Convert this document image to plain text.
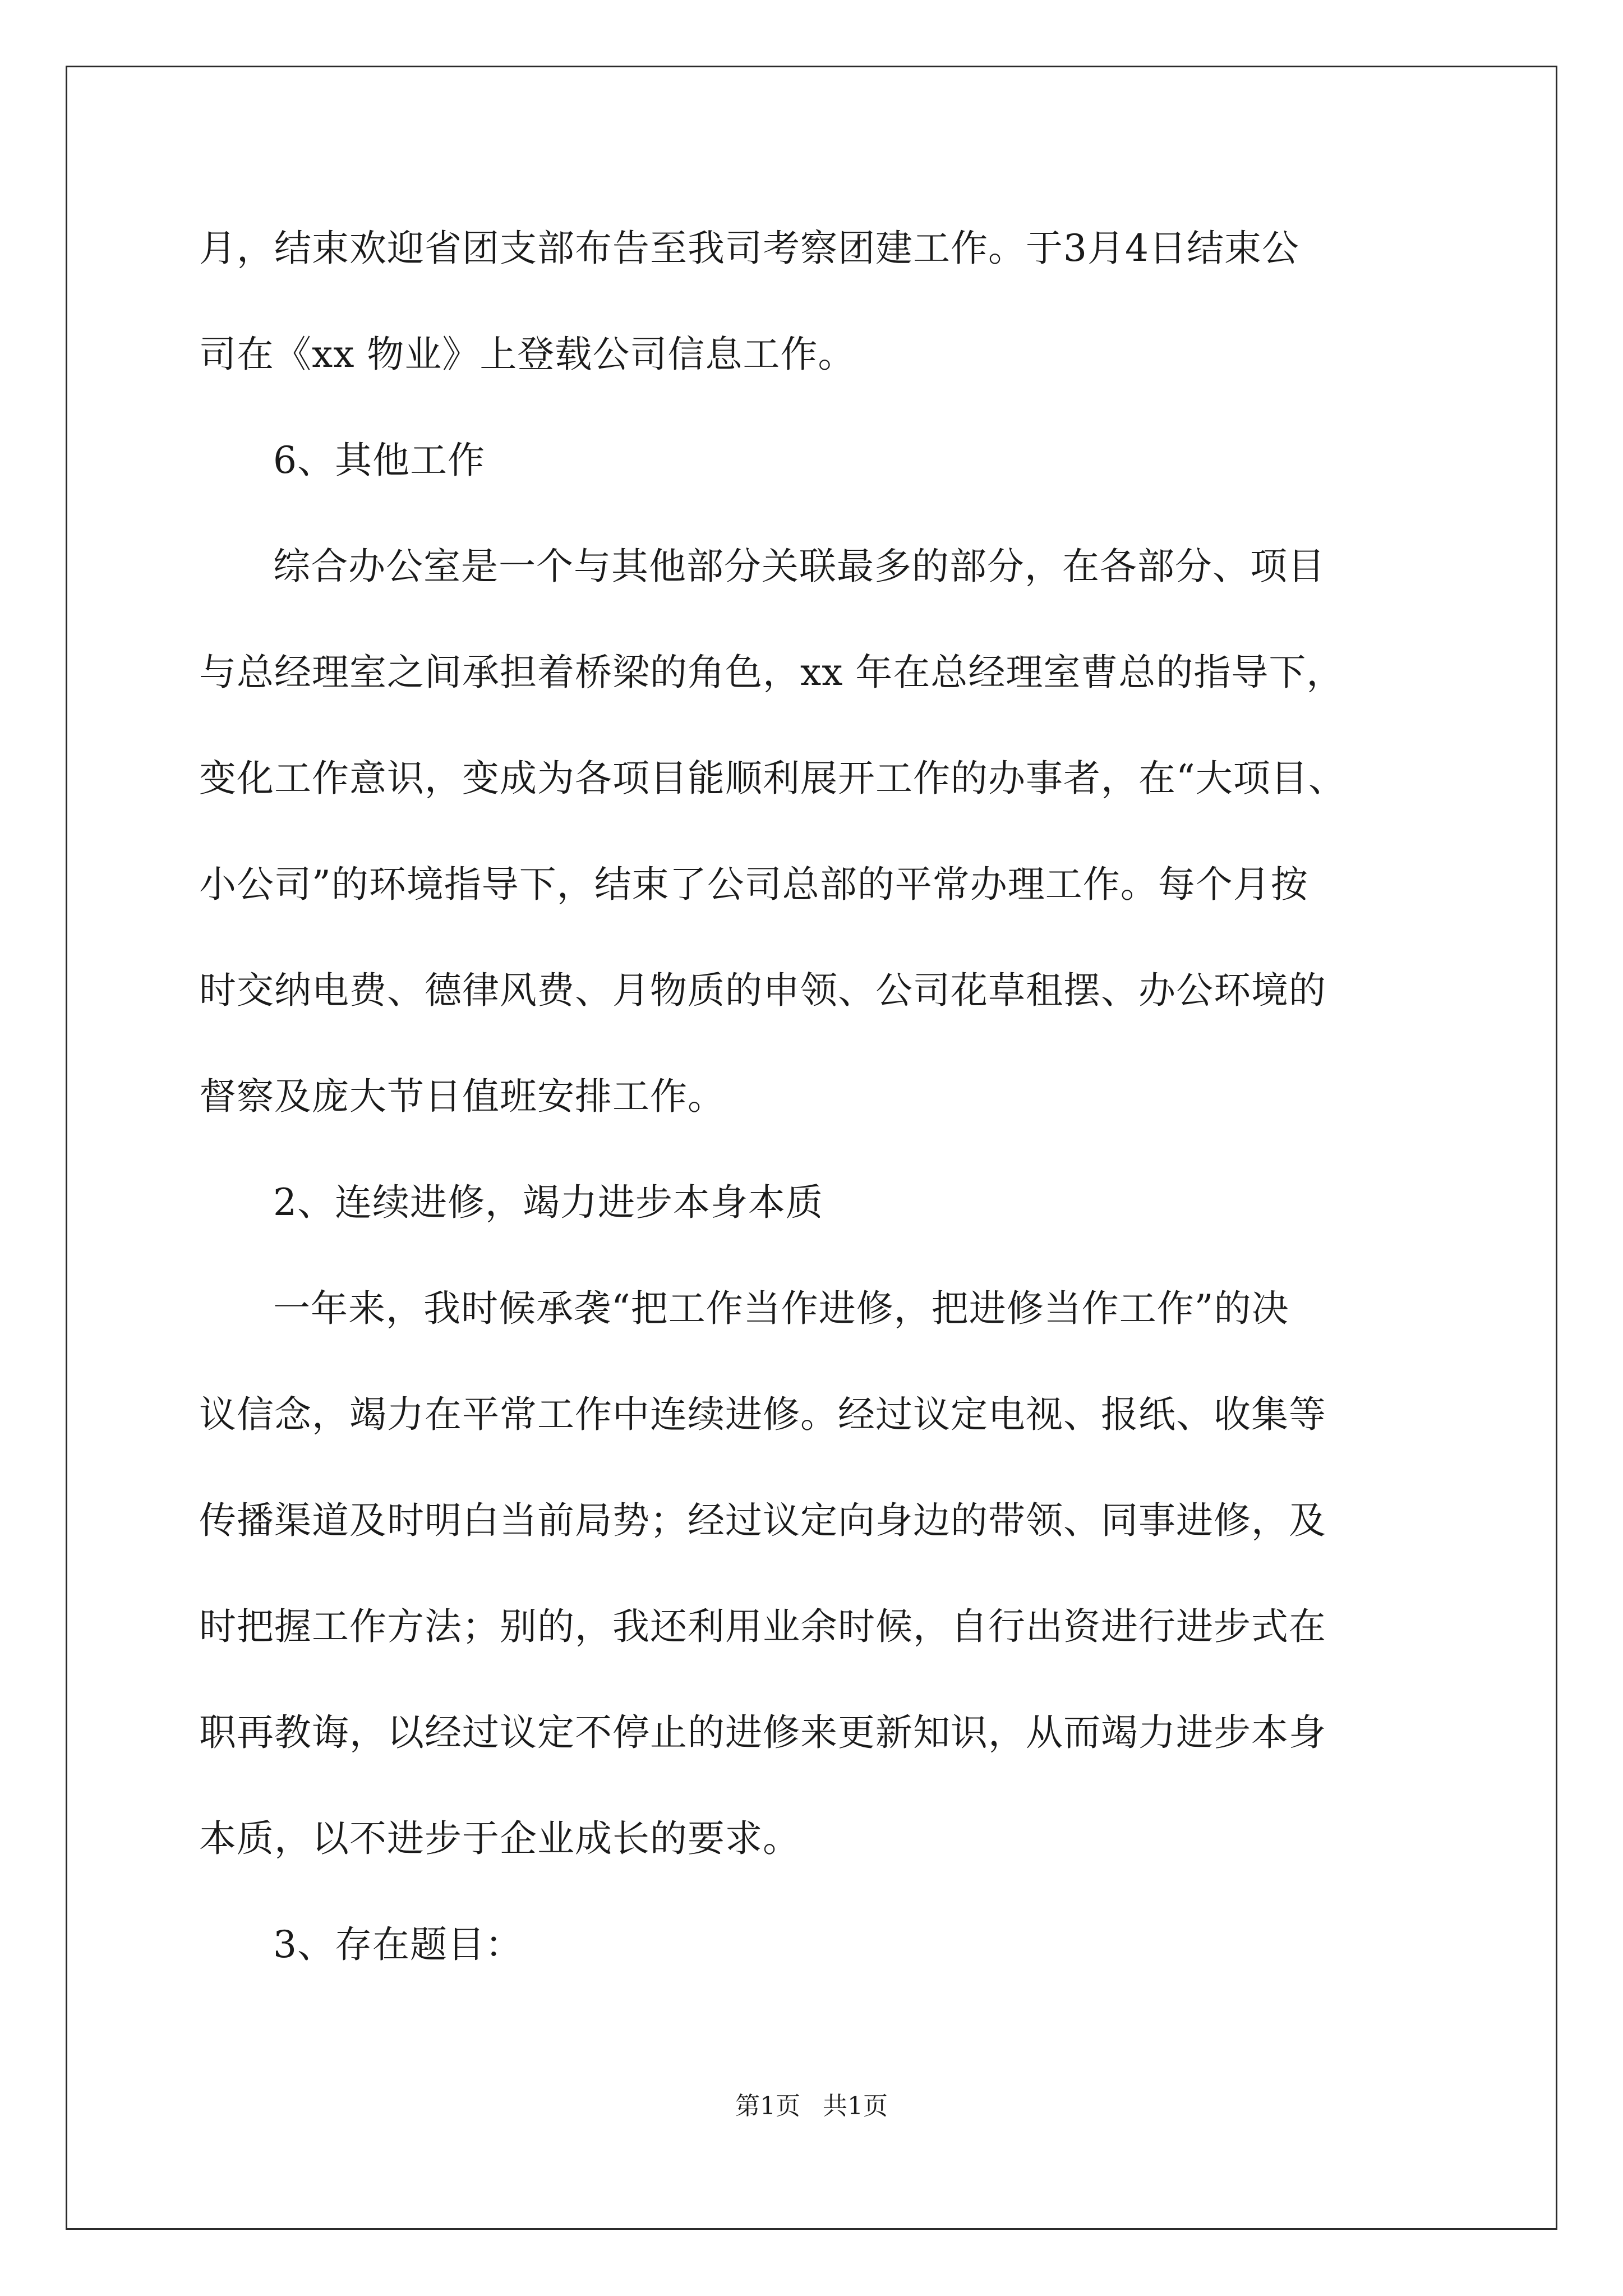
月，结束欢迎省团支部布告至我司考察团建工作。于3月4日结束公
司在《xx 物业》上登载公司信息工作。
6、其他工作
综合办公室是一个与其他部分关联最多的部分，在各部分、项目
与总经理室之间承担着桥梁的角色，xx 年在总经理室曹总的指导下，
变化工作意识，变成为各项目能顺利展开工作的办事者，在“大项目、
小公司”的环境指导下，结束了公司总部的平常办理工作。每个月按
时交纳电费、德律风费、月物质的申领、公司花草租摆、办公环境的
督察及庞大节日值班安排工作。
2、连续进修，竭力进步本身本质
一年来，我时候承袭“把工作当作进修，把进修当作工作”的决
议信念，竭力在平常工作中连续进修。经过议定电视、报纸、收集等
传播渠道及时明白当前局势；经过议定向身边的带领、同事进修，及
时把握工作方法；别的，我还利用业余时候，自行出资进行进步式在
职再教诲，以经过议定不停止的进修来更新知识，从而竭力进步本身
本质，以不进步于企业成长的要求。
3、存在题目：
第1页 共1页
